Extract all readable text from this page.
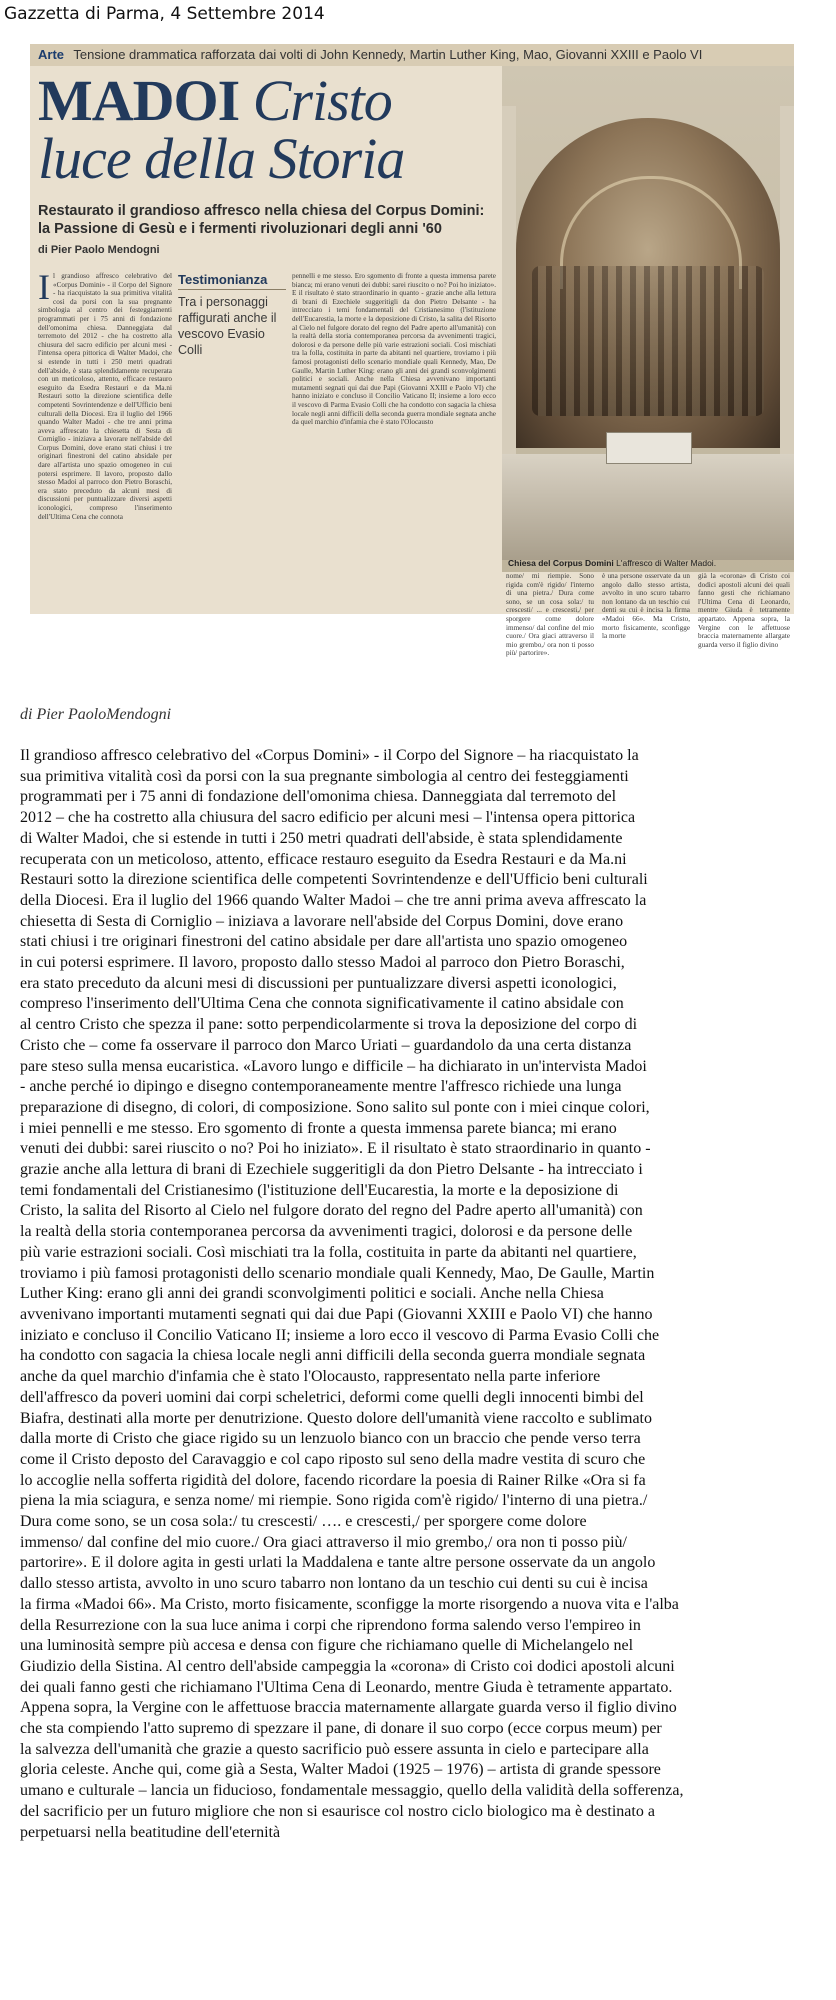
Gazzetta di Parma, 4 Settembre 2014
Arte Tensione drammatica rafforzata dai volti di John Kennedy, Martin Luther King, Mao, Giovanni XXIII e Paolo VI
MADOI Cristo
luce della Storia
Restaurato il grandioso affresco nella chiesa del Corpus Domini: la Passione di Gesù e i fermenti rivoluzionari degli anni '60
di Pier Paolo Mendogni
Il grandioso affresco celebrativo del «Corpus Domini» - il Corpo del Signore - ha riacquistato la sua primitiva vitalità così da porsi con la sua pregnante simbologia al centro dei festeggiamenti programmati per i 75 anni di fondazione dell'omonima chiesa. Danneggiata dal terremoto del 2012 - che ha costretto alla chiusura del sacro edificio per alcuni mesi - l'intensa opera pittorica di Walter Madoi, che si estende in tutti i 250 metri quadrati dell'abside, è stata splendidamente recuperata con un meticoloso, attento, efficace restauro eseguito da Esedra Restauri e da Ma.ni Restauri sotto la direzione scientifica delle competenti Sovrintendenze e dell'Ufficio beni culturali della Diocesi. Era il luglio del 1966 quando Walter Madoi - che tre anni prima aveva affrescato la chiesetta di Sesta di Corniglio - iniziava a lavorare nell'abside del Corpus Domini, dove erano stati chiusi i tre originari finestroni del catino absidale per dare all'artista uno spazio omogeneo in cui potersi esprimere. Il lavoro, proposto dallo stesso Madoi al parroco don Pietro Boraschi, era stato preceduto da alcuni mesi di discussioni per puntualizzare diversi aspetti iconologici, compreso l'inserimento dell'Ultima Cena che connota
Testimonianza
Tra i personaggi raffigurati anche il vescovo Evasio Colli
pennelli e me stesso. Ero sgomento di fronte a questa immensa parete bianca; mi erano venuti dei dubbi: sarei riuscito o no? Poi ho iniziato». E il risultato è stato straordinario in quanto - grazie anche alla lettura di brani di Ezechiele suggeritigli da don Pietro Delsante - ha intrecciato i temi fondamentali del Cristianesimo (l'istituzione dell'Eucarestia, la morte e la deposizione di Cristo, la salita del Risorto al Cielo nel fulgore dorato del regno del Padre aperto all'umanità) con la realtà della storia contemporanea percorsa da avvenimenti tragici, dolorosi e da persone delle più varie estrazioni sociali. Così mischiati tra la folla, costituita in parte da abitanti nel quartiere, troviamo i più famosi protagonisti dello scenario mondiale quali Kennedy, Mao, De Gaulle, Martin Luther King: erano gli anni dei grandi sconvolgimenti politici e sociali. Anche nella Chiesa avvenivano importanti mutamenti segnati qui dai due Papi (Giovanni XXIII e Paolo VI) che hanno iniziato e concluso il Concilio Vaticano II; insieme a loro ecco il vescovo di Parma Evasio Colli che ha condotto con sagacia la chiesa locale negli anni difficili della seconda guerra mondiale segnata anche da quel marchio d'infamia che è stato l'Olocausto
Chiesa del Corpus Domini L'affresco di Walter Madoi.
nome/ mi riempie. Sono rigida com'è rigido/ l'interno di una pietra./ Dura come sono, se un cosa sola:/ tu crescesti/ ... e crescesti,/ per sporgere come dolore immenso/ dal confine del mio cuore./ Ora giaci attraverso il mio grembo,/ ora non ti posso più/ partorire».
è una persone osservate da un angolo dallo stesso artista, avvolto in uno scuro tabarro non lontano da un teschio cui denti su cui è incisa la firma «Madoi 66». Ma Cristo, morto fisicamente, sconfigge la morte
già la «corona» di Cristo coi dodici apostoli alcuni dei quali fanno gesti che richiamano l'Ultima Cena di Leonardo, mentre Giuda è tetramente appartato. Appena sopra, la Vergine con le affettuose braccia maternamente allargate guarda verso il figlio divino
di Pier PaoloMendogni
Il grandioso affresco celebrativo del «Corpus Domini» - il Corpo del Signore – ha riacquistato la
sua primitiva vitalità così da porsi con la sua pregnante simbologia al centro dei festeggiamenti
programmati per i 75 anni di fondazione dell'omonima chiesa. Danneggiata dal terremoto del
2012 – che ha costretto alla chiusura del sacro edificio per alcuni mesi – l'intensa opera pittorica
di Walter Madoi, che si estende in tutti i 250 metri quadrati dell'abside, è stata splendidamente
recuperata con un meticoloso, attento, efficace restauro eseguito da Esedra Restauri e da Ma.ni
Restauri sotto la direzione scientifica delle competenti Sovrintendenze e dell'Ufficio beni culturali
della Diocesi. Era il luglio del 1966 quando Walter Madoi – che tre anni prima aveva affrescato la
chiesetta di Sesta di Corniglio – iniziava a lavorare nell'abside del Corpus Domini, dove erano
stati chiusi i tre originari finestroni del catino absidale per dare all'artista uno spazio omogeneo
in cui potersi esprimere. Il lavoro, proposto dallo stesso Madoi al parroco don Pietro Boraschi,
era stato preceduto da alcuni mesi di discussioni per puntualizzare diversi aspetti iconologici,
compreso l'inserimento dell'Ultima Cena che connota significativamente il catino absidale con
al centro Cristo che spezza il pane: sotto perpendicolarmente si trova la deposizione del corpo di
Cristo che – come fa osservare il parroco don Marco Uriati – guardandolo da una certa distanza
pare steso sulla mensa eucaristica. «Lavoro lungo e difficile – ha dichiarato in un'intervista Madoi
- anche perché io dipingo e disegno contemporaneamente mentre l'affresco richiede una lunga
preparazione di disegno, di colori, di composizione. Sono salito sul ponte con i miei cinque colori,
i miei pennelli e me stesso. Ero sgomento di fronte a questa immensa parete bianca; mi erano
venuti dei dubbi: sarei riuscito o no? Poi ho iniziato». E il risultato è stato straordinario in quanto -
grazie anche alla lettura di brani di Ezechiele suggeritigli da don Pietro Delsante - ha intrecciato i
temi fondamentali del Cristianesimo (l'istituzione dell'Eucarestia, la morte e la deposizione di
Cristo, la salita del Risorto al Cielo nel fulgore dorato del regno del Padre aperto all'umanità) con
la realtà della storia contemporanea percorsa da avvenimenti tragici, dolorosi e da persone delle
più varie estrazioni sociali. Così mischiati tra la folla, costituita in parte da abitanti nel quartiere,
troviamo i più famosi protagonisti dello scenario mondiale quali Kennedy, Mao, De Gaulle, Martin
Luther King: erano gli anni dei grandi sconvolgimenti politici e sociali. Anche nella Chiesa
avvenivano importanti mutamenti segnati qui dai due Papi (Giovanni XXIII e Paolo VI) che hanno
iniziato e concluso il Concilio Vaticano II; insieme a loro ecco il vescovo di Parma Evasio Colli che
ha condotto con sagacia la chiesa locale negli anni difficili della seconda guerra mondiale segnata
anche da quel marchio d'infamia che è stato l'Olocausto, rappresentato nella parte inferiore
dell'affresco da poveri uomini dai corpi scheletrici, deformi come quelli degli innocenti bimbi del
Biafra, destinati alla morte per denutrizione. Questo dolore dell'umanità viene raccolto e sublimato
dalla morte di Cristo che giace rigido su un lenzuolo bianco con un braccio che pende verso terra
come il Cristo deposto del Caravaggio e col capo riposto sul seno della madre vestita di scuro che
lo accoglie nella sofferta rigidità del dolore, facendo ricordare la poesia di Rainer Rilke «Ora si fa
piena la mia sciagura, e senza nome/ mi riempie. Sono rigida com'è rigido/ l'interno di una pietra./
Dura come sono, se un cosa sola:/ tu crescesti/ …. e crescesti,/ per sporgere come dolore
immenso/ dal confine del mio cuore./ Ora giaci attraverso il mio grembo,/ ora non ti posso più/
partorire». E il dolore agita in gesti urlati la Maddalena e tante altre persone osservate da un angolo
dallo stesso artista, avvolto in uno scuro tabarro non lontano da un teschio cui denti su cui è incisa
la firma «Madoi 66». Ma Cristo, morto fisicamente, sconfigge la morte risorgendo a nuova vita e l'alba
della Resurrezione con la sua luce anima i corpi che riprendono forma salendo verso l'empireo in
una luminosità sempre più accesa e densa con figure che richiamano quelle di Michelangelo nel
Giudizio della Sistina. Al centro dell'abside campeggia la «corona» di Cristo coi dodici apostoli alcuni
dei quali fanno gesti che richiamano l'Ultima Cena di Leonardo, mentre Giuda è tetramente appartato.
Appena sopra, la Vergine con le affettuose braccia maternamente allargate guarda verso il figlio divino
che sta compiendo l'atto supremo di spezzare il pane, di donare il suo corpo (ecce corpus meum) per
la salvezza dell'umanità che grazie a questo sacrificio può essere assunta in cielo e partecipare alla
gloria celeste. Anche qui, come già a Sesta, Walter Madoi (1925 – 1976) – artista di grande spessore
umano e culturale – lancia un fiducioso, fondamentale messaggio, quello della validità della sofferenza,
del sacrificio per un futuro migliore che non si esaurisce col nostro ciclo biologico ma è destinato a
perpetuarsi nella beatitudine dell'eternità
